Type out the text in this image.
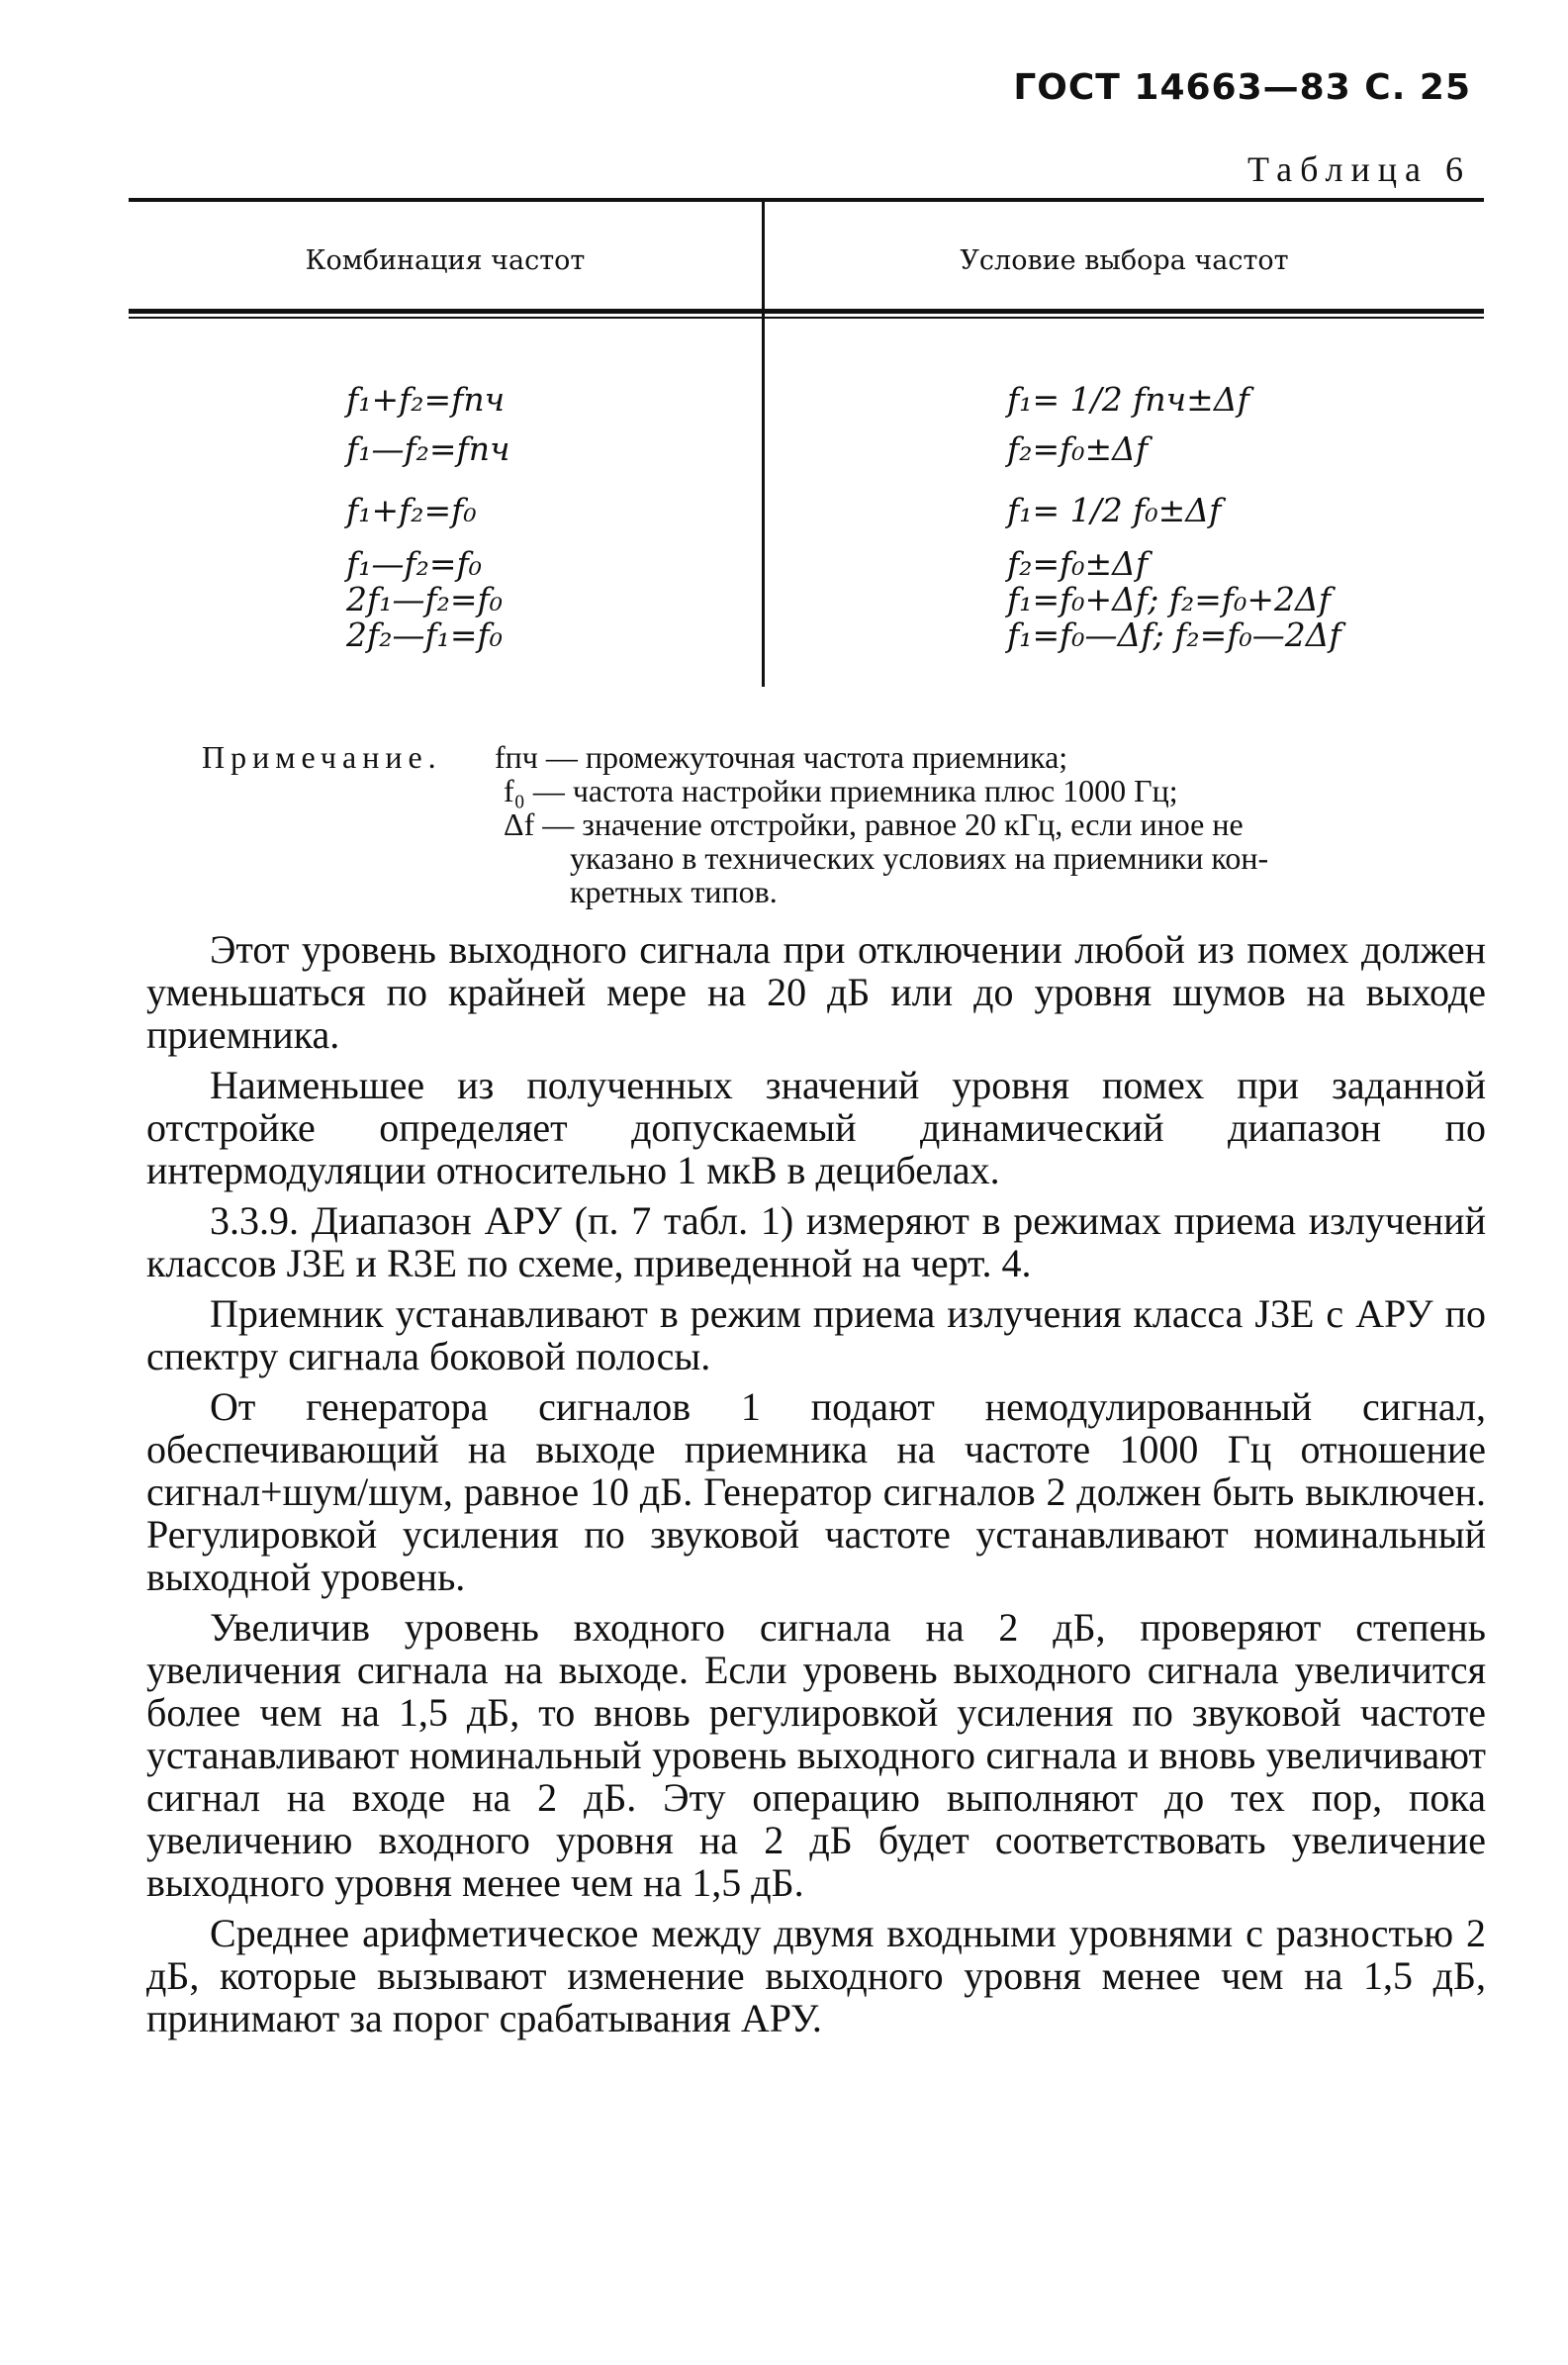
ГОСТ 14663—83 С. 25
Таблица 6
Комбинация частот	Условие выбора частот
f₁+f₂=fпч
f₁—f₂=fпч
f₁+f₂=f₀
f₁—f₂=f₀
2f₁—f₂=f₀
2f₂—f₁=f₀
f₁= 1/2 fпч±Δf
f₂=f₀±Δf
f₁= 1/2 f₀±Δf
f₂=f₀±Δf
f₁=f₀+Δf; f₂=f₀+2Δf
f₁=f₀—Δf; f₂=f₀—2Δf
Примечание. fпч — промежуточная частота приемника;
f₀ — частота настройки приемника плюс 1000 Гц;
Δf — значение отстройки, равное 20 кГц, если иное не
указано в технических условиях на приемники кон-
кретных типов.

Этот уровень выходного сигнала при отключении любой из помех должен уменьшаться по крайней мере на 20 дБ или до уровня шумов на выходе приемника.

Наименьшее из полученных значений уровня помех при заданной отстройке определяет допускаемый динамический диапазон по интермодуляции относительно 1 мкВ в децибелах.

3.3.9. Диапазон АРУ (п. 7 табл. 1) измеряют в режимах приема излучений классов J3E и R3E по схеме, приведенной на черт. 4.

Приемник устанавливают в режим приема излучения класса J3E с АРУ по спектру сигнала боковой полосы.

От генератора сигналов 1 подают немодулированный сигнал, обеспечивающий на выходе приемника на частоте 1000 Гц отношение сигнал+шум/шум, равное 10 дБ. Генератор сигналов 2 должен быть выключен. Регулировкой усиления по звуковой частоте устанавливают номинальный выходной уровень.

Увеличив уровень входного сигнала на 2 дБ, проверяют степень увеличения сигнала на выходе. Если уровень выходного сигнала увеличится более чем на 1,5 дБ, то вновь регулировкой усиления по звуковой частоте устанавливают номинальный уровень выходного сигнала и вновь увеличивают сигнал на входе на 2 дБ. Эту операцию выполняют до тех пор, пока увеличению входного уровня на 2 дБ будет соответствовать увеличение выходного уровня менее чем на 1,5 дБ.

Среднее арифметическое между двумя входными уровнями с разностью 2 дБ, которые вызывают изменение выходного уровня менее чем на 1,5 дБ, принимают за порог срабатывания АРУ.
